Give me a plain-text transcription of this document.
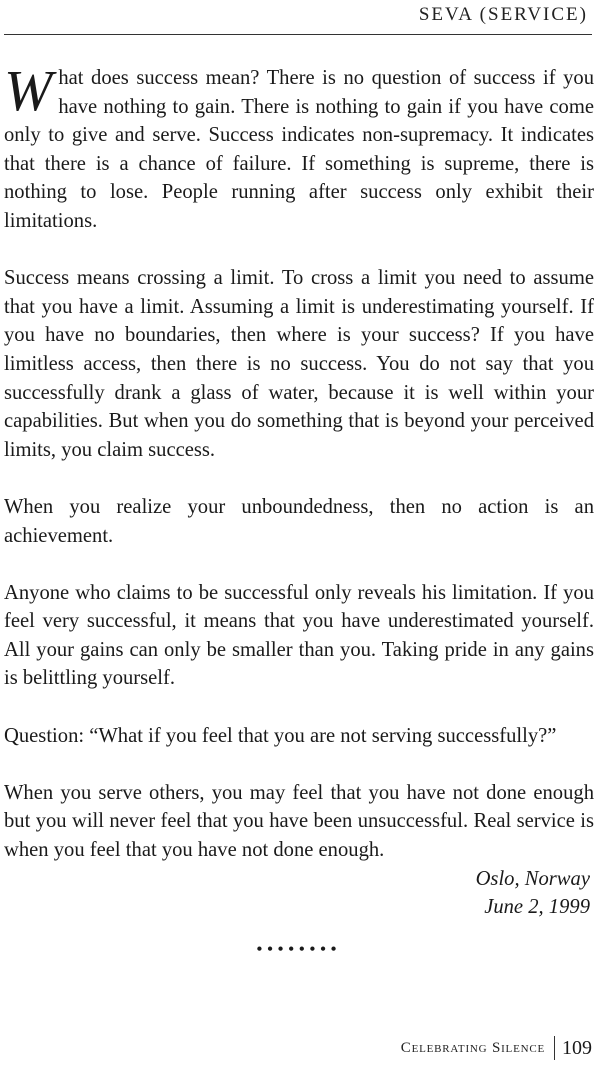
SEVA (SERVICE)

What does success mean? There is no question of success if you have nothing to gain. There is nothing to gain if you have come only to give and serve. Success indicates non-supremacy. It indicates that there is a chance of failure. If something is supreme, there is nothing to lose. People running after success only exhibit their limitations.

Success means crossing a limit. To cross a limit you need to assume that you have a limit. Assuming a limit is underestimating yourself. If you have no boundaries, then where is your success? If you have limitless access, then there is no success. You do not say that you successfully drank a glass of water, because it is well within your capabilities. But when you do something that is beyond your perceived limits, you claim success.

When you realize your unboundedness, then no action is an achievement.

Anyone who claims to be successful only reveals his limitation. If you feel very successful, it means that you have underestimated yourself. All your gains can only be smaller than you. Taking pride in any gains is belittling yourself.

Question: “What if you feel that you are not serving successfully?”

When you serve others, you may feel that you have not done enough but you will never feel that you have been unsuccessful. Real service is when you feel that you have not done enough.

Oslo, Norway
June 2, 1999
••••••••
Celebrating Silence 109
